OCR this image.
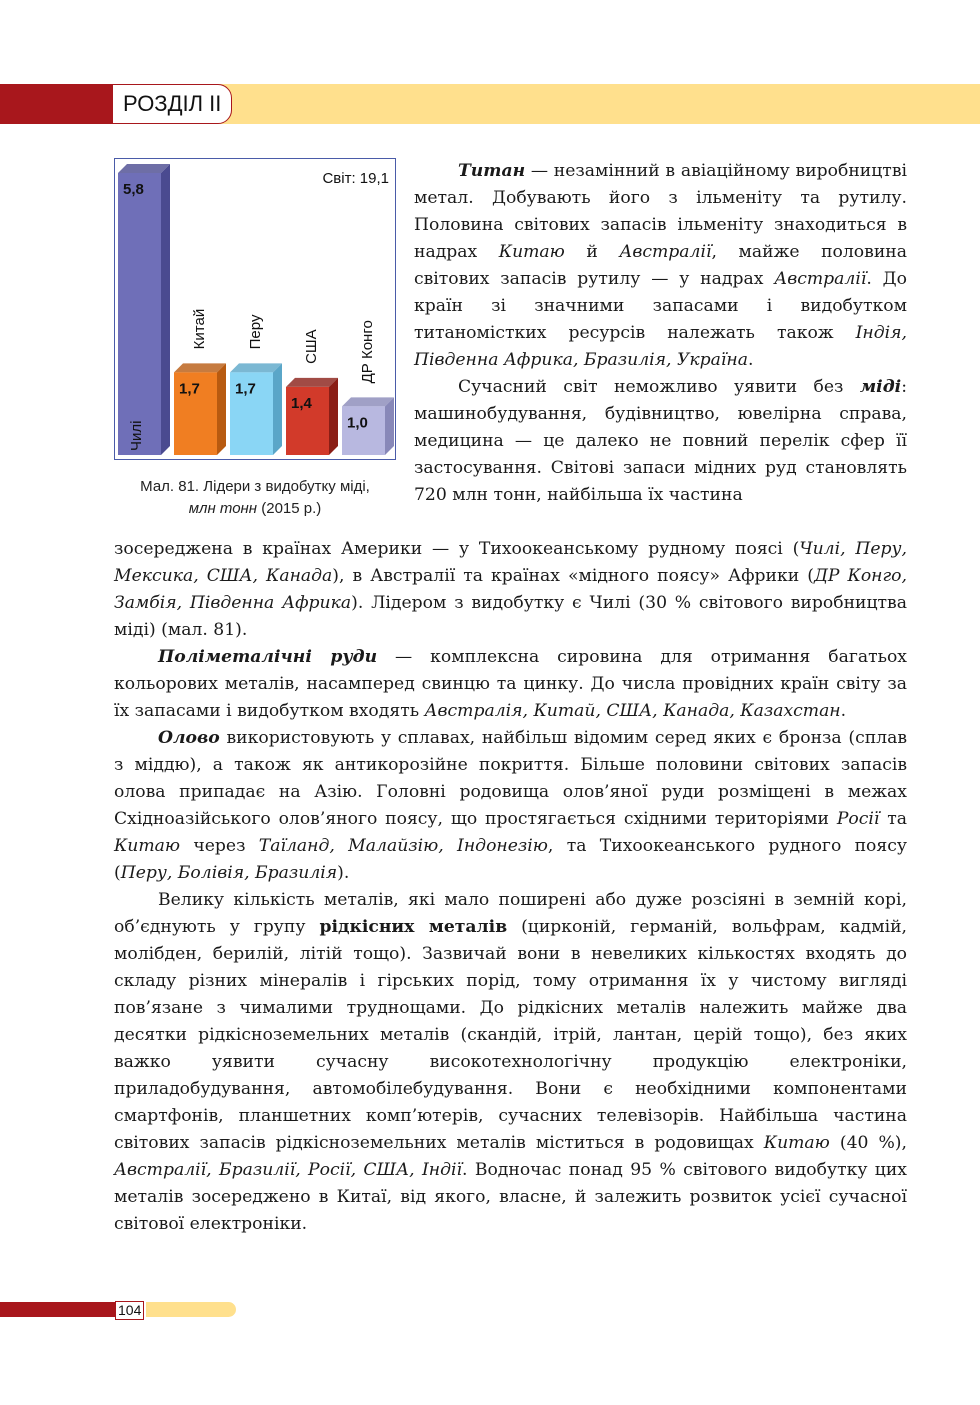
РОЗДІЛ ІІ
Світ: 19,1
5,8
Чилі
1,7
Китай
1,7
Перу
1,4
США
1,0
ДР Конго
Мал. 81. Лідери з видобутку міді,
млн тонн (2015 р.)

Титан — незамінний в авіаційному виробництві метал. Добувають його з ільменіту та рутилу. Половина світових запасів ільменіту знаходиться в надрах Китаю й Австралії, майже половина світових запасів рутилу — у надрах Австралії. До країн зі значними запасами і видобутком титаномістких ресурсів належать також Індія, Південна Африка, Бразилія, Україна.

Сучасний світ неможливо уявити без міді: машинобудування, будівництво, ювелірна справа, медицина — це далеко не повний перелік сфер її застосування. Світові запаси мідних руд становлять 720 млн тонн, найбільша їх частина

зосереджена в країнах Америки — у Тихоокеанському рудному поясі (Чилі, Перу, Мексика, США, Канада), в Австралії та країнах «мідного поясу» Африки (ДР Конго, Замбія, Південна Африка). Лідером з видобутку є Чилі (30 % світового виробництва міді) (мал. 81).

Поліметалічні руди — комплексна сировина для отримання багатьох кольорових металів, насамперед свинцю та цинку. До числа провідних країн світу за їх запасами і видобутком входять Австралія, Китай, США, Канада, Казахстан.

Олово використовують у сплавах, найбільш відомим серед яких є бронза (сплав з міддю), а також як антикорозійне покриття. Більше половини світових запасів олова припадає на Азію. Головні родовища олов’яної руди розміщені в межах Східноазійського олов’яного поясу, що простягається східними територіями Росії та Китаю через Таїланд, Малайзію, Індонезію, та Тихоокеанського рудного поясу (Перу, Болівія, Бразилія).

Велику кількість металів, які мало поширені або дуже розсіяні в земній корі, об’єднують у групу рідкісних металів (цирконій, германій, вольфрам, кадмій, молібден, берилій, літій тощо). Зазвичай вони в невеликих кількостях входять до складу різних мінералів і гірських порід, тому отримання їх у чистому вигляді пов’язане з чималими труднощами. До рідкісних металів належить майже два десятки рідкісноземельних металів (скандій, ітрій, лантан, церій тощо), без яких важко уявити сучасну високотехнологічну продукцію електроніки, приладобудування, автомобілебудування. Вони є необхідними компонентами смартфонів, планшетних комп’ютерів, сучасних телевізорів. Найбільша частина світових запасів рідкісноземельних металів міститься в родовищах Китаю (40 %), Австралії, Бразилії, Росії, США, Індії. Водночас понад 95 % світового видобутку цих металів зосереджено в Китаї, від якого, власне, й залежить розвиток усієї сучасної світової електроніки.

104
